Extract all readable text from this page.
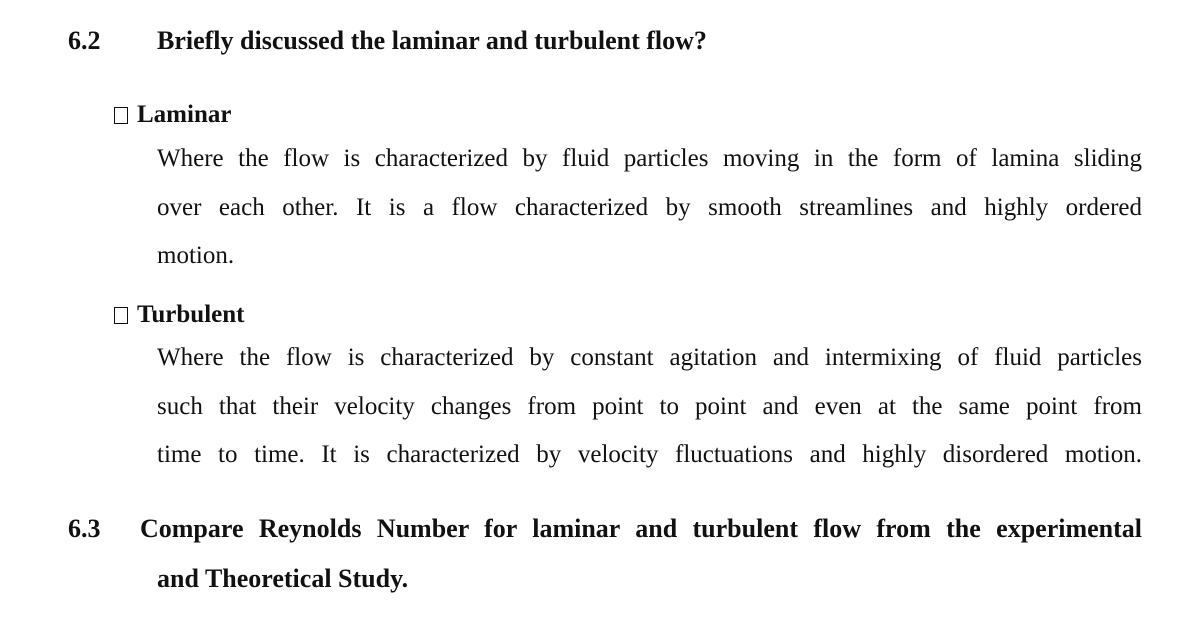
6.2 Briefly discussed the laminar and turbulent flow?
Laminar
Where the flow is characterized by fluid particles moving in the form of lamina sliding
over each other. It is a flow characterized by smooth streamlines and highly ordered
motion.
Turbulent
Where the flow is characterized by constant agitation and intermixing of fluid particles
such that their velocity changes from point to point and even at the same point from
time to time. It is characterized by velocity fluctuations and highly disordered motion.
6.3 Compare Reynolds Number for laminar and turbulent flow from the experimental
and Theoretical Study.
